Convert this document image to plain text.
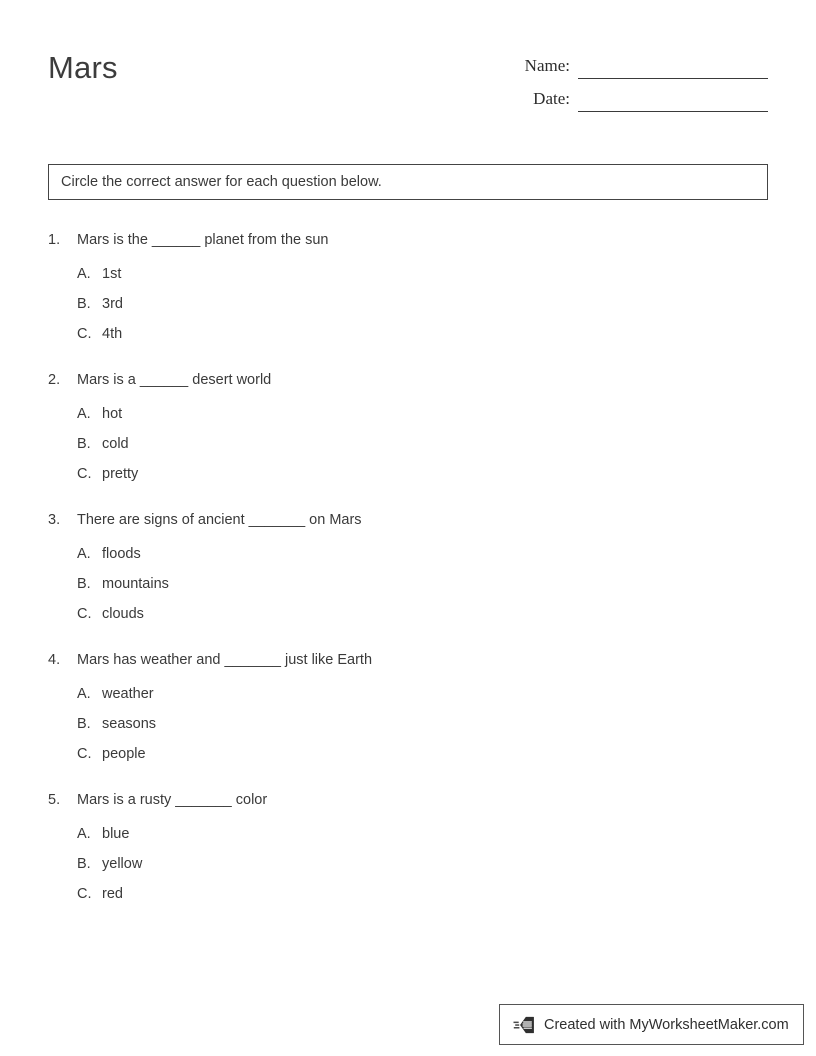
Mars	Name:
Date:
Circle the correct answer for each question below.
1.	Mars is the ______ planet from the sun
A. 1st
B. 3rd
C. 4th
2.	Mars is a ______ desert world
A. hot
B. cold
C. pretty
3.	There are signs of ancient _______ on Mars
A. floods
B. mountains
C. clouds
4.	Mars has weather and _______ just like Earth
A. weather
B. seasons
C. people
5.	Mars is a rusty _______ color
A. blue
B. yellow
C. red
Created with MyWorksheetMaker.com
